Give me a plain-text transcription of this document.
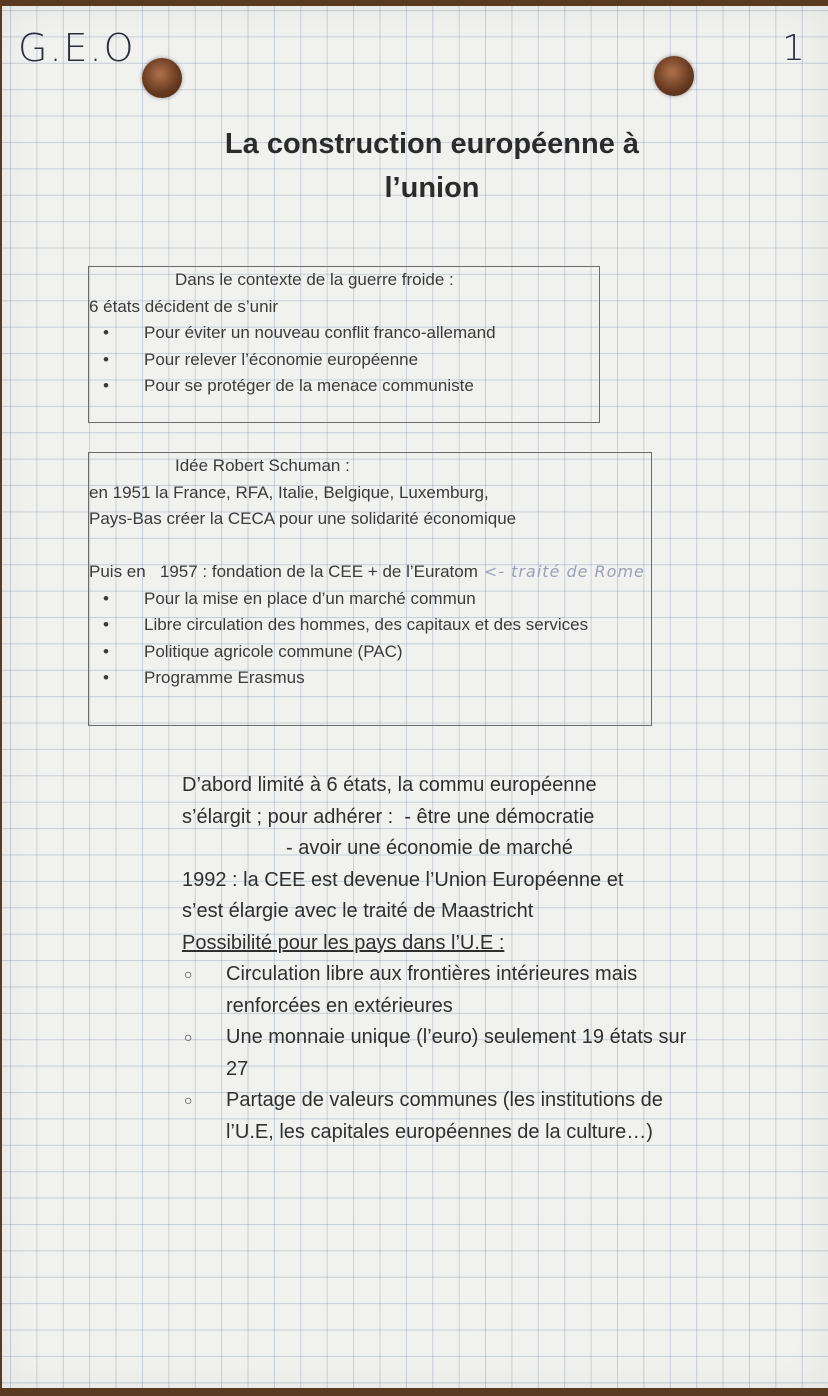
G.E.O	1
La construction européenne à
l’union
Dans le contexte de la guerre froide :
6 états décident de s’unir
•	Pour éviter un nouveau conflit franco-allemand
•	Pour relever l’économie européenne
•	Pour se protéger de la menace communiste
Idée Robert Schuman :
en 1951 la France, RFA, Italie, Belgique, Luxemburg,
Pays-Bas créer la CECA pour une solidarité économique
Puis en   1957 : fondation de la CEE + de l’Euratom <- traité de Rome
•	Pour la mise en place d’un marché commun
•	Libre circulation des hommes, des capitaux et des services
•	Politique agricole commune (PAC)
•	Programme Erasmus
D’abord limité à 6 états, la commu européenne
s’élargit ; pour adhérer :  - être une démocratie
- avoir une économie de marché
1992 : la CEE est devenue l’Union Européenne et
s’est élargie avec le traité de Maastricht
Possibilité pour les pays dans l’U.E :
○	Circulation libre aux frontières intérieures mais renforcées en extérieures
○	Une monnaie unique (l’euro) seulement 19 états sur 27
○	Partage de valeurs communes (les institutions de l’U.E, les capitales européennes de la culture…)
